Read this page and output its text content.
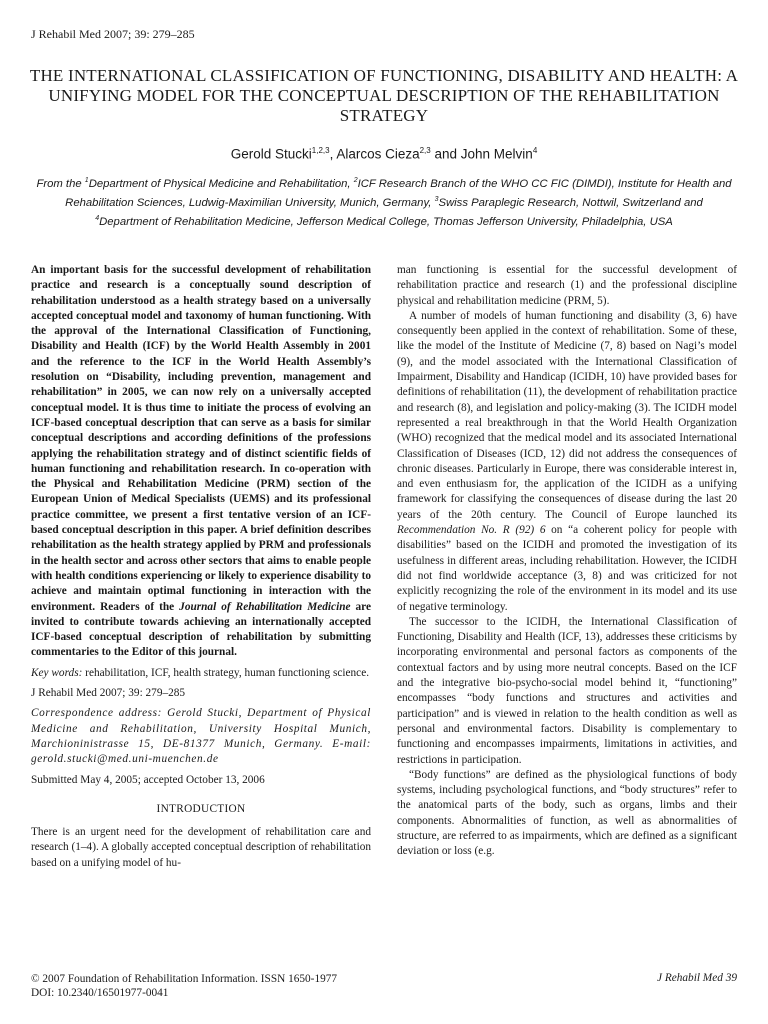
J Rehabil Med 2007; 39: 279–285
THE INTERNATIONAL CLASSIFICATION OF FUNCTIONING, DISABILITY AND HEALTH: A UNIFYING MODEL FOR THE CONCEPTUAL DESCRIPTION OF THE REHABILITATION STRATEGY
Gerold Stucki$^{1,2,3}$, Alarcos Cieza$^{2,3}$ and John Melvin$^4$
From the $^1$Department of Physical Medicine and Rehabilitation, $^2$ICF Research Branch of the WHO CC FIC (DIMDI), Institute for Health and Rehabilitation Sciences, Ludwig-Maximilian University, Munich, Germany, $^3$Swiss Paraplegic Research, Nottwil, Switzerland and $^4$Department of Rehabilitation Medicine, Jefferson Medical College, Thomas Jefferson University, Philadelphia, USA

An important basis for the successful development of rehabilitation practice and research is a conceptually sound description of rehabilitation understood as a health strategy based on a universally accepted conceptual model and taxonomy of human functioning. With the approval of the International Classification of Functioning, Disability and Health (ICF) by the World Health Assembly in 2001 and the reference to the ICF in the World Health Assembly’s resolution on “Disability, including prevention, management and rehabilitation” in 2005, we can now rely on a universally accepted conceptual model. It is thus time to initiate the process of evolving an ICF-based conceptual description that can serve as a basis for similar conceptual descriptions and according definitions of the professions applying the rehabilitation strategy and of distinct scientific fields of human functioning and rehabilitation research. In co-operation with the Physical and Rehabilitation Medicine (PRM) section of the European Union of Medical Specialists (UEMS) and its professional practice committee, we present a first tentative version of an ICF-based conceptual description in this paper. A brief definition describes rehabilitation as the health strategy applied by PRM and professionals in the health sector and across other sectors that aims to enable people with health conditions experiencing or likely to experience disability to achieve and maintain optimal functioning in interaction with the environment. Readers of the Journal of Rehabilitation Medicine are invited to contribute towards achieving an internationally accepted ICF-based conceptual description of rehabilitation by submitting commentaries to the Editor of this journal.

Key words: rehabilitation, ICF, health strategy, human functioning science.

J Rehabil Med 2007; 39: 279–285

Correspondence address: Gerold Stucki, Department of Physical Medicine and Rehabilitation, University Hospital Munich, Marchioninistrasse 15, DE-81377 Munich, Germany. E-mail: gerold.stucki@med.uni-muenchen.de

Submitted May 4, 2005; accepted October 13, 2006

INTRODUCTION

There is an urgent need for the development of rehabilitation care and research (1–4). A globally accepted conceptual description of rehabilitation based on a unifying model of hu-

man functioning is essential for the successful development of rehabilitation practice and research (1) and the professional discipline physical and rehabilitation medicine (PRM, 5).

A number of models of human functioning and disability (3, 6) have consequently been applied in the context of rehabilitation. Some of these, like the model of the Institute of Medicine (7, 8) based on Nagi’s model (9), and the model associated with the International Classification of Impairment, Disability and Handicap (ICIDH, 10) have provided bases for definitions of rehabilitation (11), the development of rehabilitation practice and research (8), and legislation and policy-making (3). The ICIDH model represented a real breakthrough in that the World Health Organization (WHO) recognized that the medical model and its associated International Classification of Diseases (ICD, 12) did not address the consequences of chronic diseases. Particularly in Europe, there was considerable interest in, and even enthusiasm for, the application of the ICIDH as a unifying framework for classifying the consequences of disease during the last 20 years of the 20th century. The Council of Europe launched its Recommendation No. R (92) 6 on “a coherent policy for people with disabilities” based on the ICIDH and promoted the investigation of its usefulness in different areas, including rehabilitation. However, the ICIDH did not find worldwide acceptance (3, 8) and was criticized for not explicitly recognizing the role of the environment in its model and its use of negative terminology.

The successor to the ICIDH, the International Classification of Functioning, Disability and Health (ICF, 13), addresses these criticisms by incorporating environmental and personal factors as components of the contextual factors and by using more neutral concepts. Based on the ICF and the integrative bio-psycho-social model behind it, “functioning” encompasses “body functions and structures and activities and participation” and is viewed in relation to the health condition as well as personal and environmental factors. Disability is complementary to functioning and encompasses impairments, limitations in activities, and restrictions in participation.

“Body functions” are defined as the physiological functions of body systems, including psychological functions, and “body structures” refer to the anatomical parts of the body, such as organs, limbs and their components. Abnormalities of function, as well as abnormalities of structure, are referred to as impairments, which are defined as a significant deviation or loss (e.g.

© 2007 Foundation of Rehabilitation Information. ISSN 1650-1977
DOI: 10.2340/16501977-0041
J Rehabil Med 39
